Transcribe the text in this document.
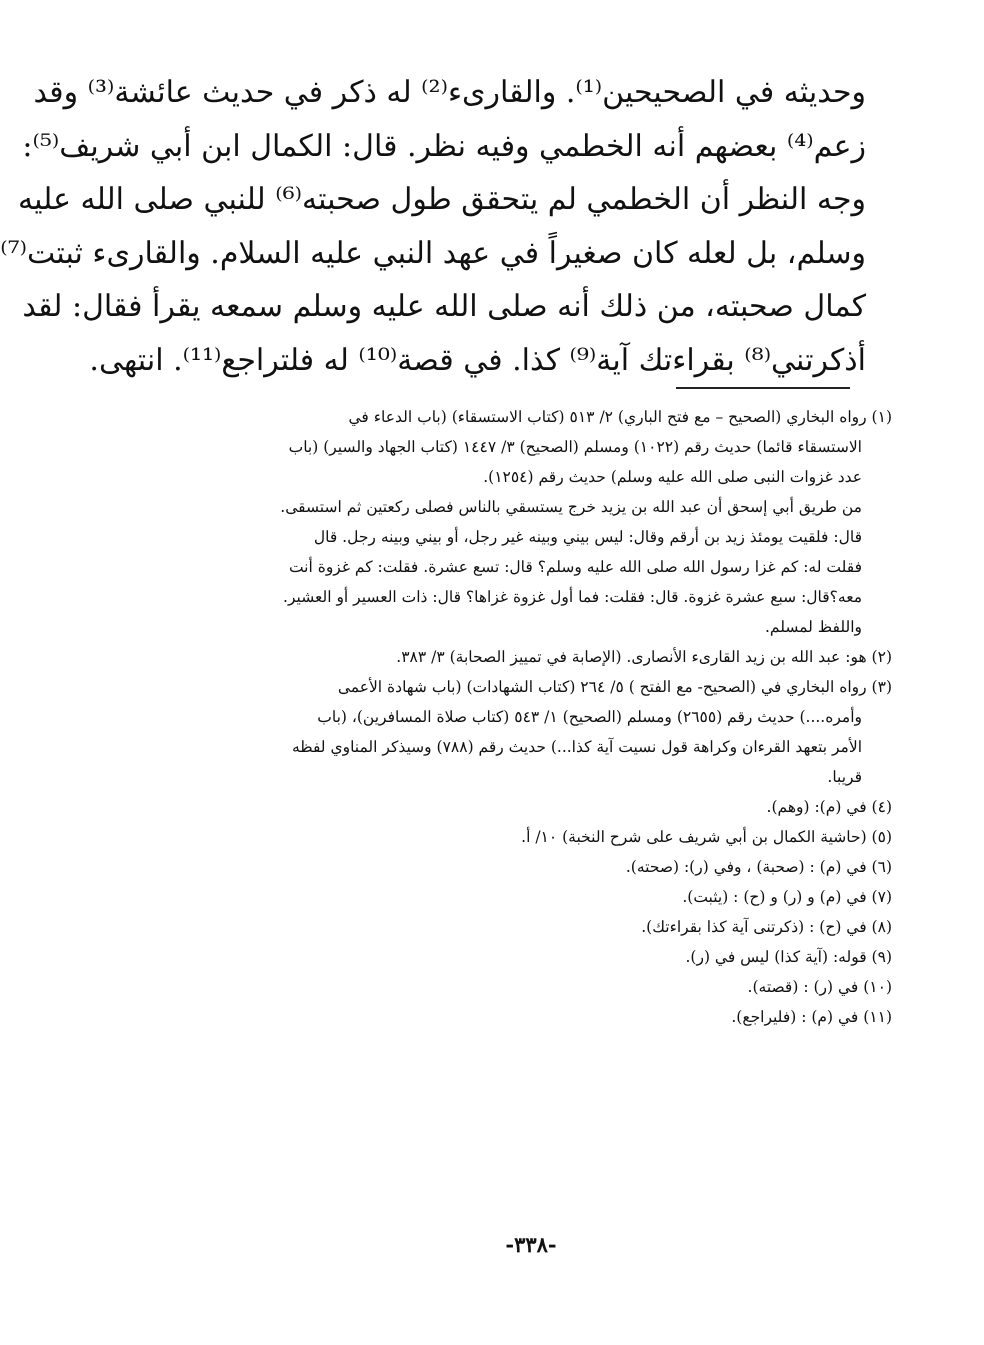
وحديثه في الصحيحين⁽¹⁾. والقارىء⁽²⁾ له ذكر في حديث عائشة⁽³⁾ وقد
زعم⁽⁴⁾ بعضهم أنه الخطمي وفيه نظر. قال: الكمال ابن أبي شريف⁽⁵⁾:
وجه النظر أن الخطمي لم يتحقق طول صحبته⁽⁶⁾ للنبي صلى الله عليه
وسلم، بل لعله كان صغيراً في عهد النبي عليه السلام. والقارىء ثبتت⁽⁷⁾
كمال صحبته، من ذلك أنه صلى الله عليه وسلم سمعه يقرأ فقال: لقد
أذكرتني⁽⁸⁾ بقراءتك آية⁽⁹⁾ كذا. في قصة⁽¹⁰⁾ له فلتراجع⁽¹¹⁾. انتهى.
(١) رواه البخاري (الصحيح – مع فتح الباري) ٢/ ٥١٣ (كتاب الاستسقاء) (باب الدعاء في
الاستسقاء قائما) حديث رقم (١٠٢٢) ومسلم (الصحيح) ٣/ ١٤٤٧ (كتاب الجهاد والسير) (باب
عدد غزوات النبى صلى الله عليه وسلم) حديث رقم (١٢٥٤).
من طريق أبي إسحق أن عبد الله بن يزيد خرج يستسقي بالناس فصلى ركعتين ثم استسقى.
قال: فلقيت يومئذ زيد بن أرقم وقال: ليس بيني وبينه غير رجل، أو بيني وبينه رجل. قال
فقلت له: كم غزا رسول الله صلى الله عليه وسلم؟ قال: تسع عشرة. فقلت: كم غزوة أنت
معه؟قال: سبع عشرة غزوة. قال: فقلت: فما أول غزوة غزاها؟ قال: ذات العسير أو العشير.
واللفظ لمسلم.
(٢) هو: عبد الله بن زيد القارىء الأنصارى. (الإصابة في تمييز الصحابة) ٣/ ٣٨٣.
(٣) رواه البخاري في (الصحيح- مع الفتح ) ٥/ ٢٦٤ (كتاب الشهادات) (باب شهادة الأعمى
وأمره....) حديث رقم (٢٦٥٥) ومسلم (الصحيح) ١/ ٥٤٣ (كتاب صلاة المسافرين)، (باب
الأمر بتعهد القرءان وكراهة قول نسيت آية كذا...) حديث رقم (٧٨٨) وسيذكر المناوي لفظه
قريبا.
(٤) في (م): (وهم).
(٥) (حاشية الكمال بن أبي شريف على شرح النخبة) ١٠/ أ.
(٦) في (م) : (صحبة) ، وفي (ر): (صحته).
(٧) في (م) و (ر) و (ح) : (يثبت).
(٨) في (ح) : (ذكرتنى آية كذا بقراءتك).
(٩) قوله: (آية كذا) ليس في (ر).
(١٠) في (ر) : (قصته).
(١١) في (م) : (فليراجع).
-٣٣٨-
